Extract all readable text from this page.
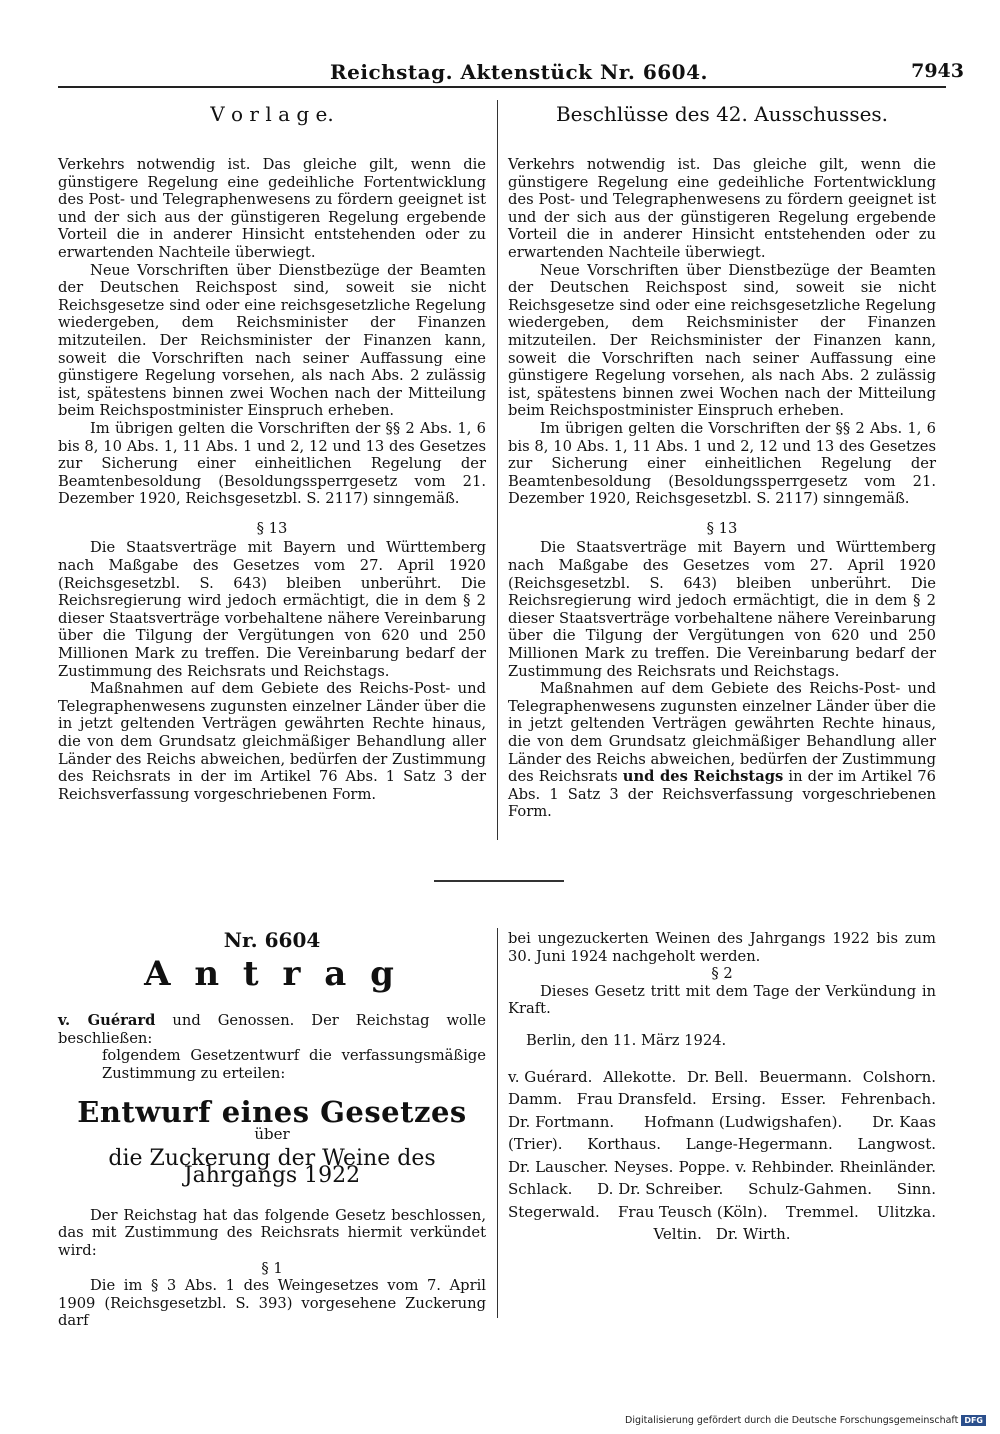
Reichstag. Aktenstück Nr. 6604.	7943
V o r l a g e.	Beschlüsse des 42. Ausschusses.

Verkehrs notwendig ist. Das gleiche gilt, wenn die günstigere Regelung eine gedeihliche Fortentwicklung des Post- und Telegraphenwesens zu fördern geeignet ist und der sich aus der günstigeren Regelung ergebende Vorteil die in anderer Hinsicht entstehenden oder zu erwartenden Nachteile überwiegt.

Neue Vorschriften über Dienstbezüge der Beamten der Deutschen Reichspost sind, soweit sie nicht Reichsgesetze sind oder eine reichsgesetzliche Regelung wiedergeben, dem Reichsminister der Finanzen mitzuteilen. Der Reichsminister der Finanzen kann, soweit die Vorschriften nach seiner Auffassung eine günstigere Regelung vorsehen, als nach Abs. 2 zulässig ist, spätestens binnen zwei Wochen nach der Mitteilung beim Reichspostminister Einspruch erheben.

Im übrigen gelten die Vorschriften der §§ 2 Abs. 1, 6 bis 8, 10 Abs. 1, 11 Abs. 1 und 2, 12 und 13 des Gesetzes zur Sicherung einer einheitlichen Regelung der Beamtenbesoldung (Besoldungssperrgesetz vom 21. Dezember 1920, Reichsgesetzbl. S. 2117) sinngemäß.

§ 13

Die Staatsverträge mit Bayern und Württemberg nach Maßgabe des Gesetzes vom 27. April 1920 (Reichsgesetzbl. S. 643) bleiben unberührt. Die Reichsregierung wird jedoch ermächtigt, die in dem § 2 dieser Staatsverträge vorbehaltene nähere Vereinbarung über die Tilgung der Vergütungen von 620 und 250 Millionen Mark zu treffen. Die Vereinbarung bedarf der Zustimmung des Reichsrats und Reichstags.

Maßnahmen auf dem Gebiete des Reichs-Post- und Telegraphenwesens zugunsten einzelner Länder über die in jetzt geltenden Verträgen gewährten Rechte hinaus, die von dem Grundsatz gleichmäßiger Behandlung aller Länder des Reichs abweichen, bedürfen der Zustimmung des Reichsrats in der im Artikel 76 Abs. 1 Satz 3 der Reichsverfassung vorgeschriebenen Form.

Verkehrs notwendig ist. Das gleiche gilt, wenn die günstigere Regelung eine gedeihliche Fortentwicklung des Post- und Telegraphenwesens zu fördern geeignet ist und der sich aus der günstigeren Regelung ergebende Vorteil die in anderer Hinsicht entstehenden oder zu erwartenden Nachteile überwiegt.

Neue Vorschriften über Dienstbezüge der Beamten der Deutschen Reichspost sind, soweit sie nicht Reichsgesetze sind oder eine reichsgesetzliche Regelung wiedergeben, dem Reichsminister der Finanzen mitzuteilen. Der Reichsminister der Finanzen kann, soweit die Vorschriften nach seiner Auffassung eine günstigere Regelung vorsehen, als nach Abs. 2 zulässig ist, spätestens binnen zwei Wochen nach der Mitteilung beim Reichspostminister Einspruch erheben.

Im übrigen gelten die Vorschriften der §§ 2 Abs. 1, 6 bis 8, 10 Abs. 1, 11 Abs. 1 und 2, 12 und 13 des Gesetzes zur Sicherung einer einheitlichen Regelung der Beamtenbesoldung (Besoldungssperrgesetz vom 21. Dezember 1920, Reichsgesetzbl. S. 2117) sinngemäß.

§ 13

Die Staatsverträge mit Bayern und Württemberg nach Maßgabe des Gesetzes vom 27. April 1920 (Reichsgesetzbl. S. 643) bleiben unberührt. Die Reichsregierung wird jedoch ermächtigt, die in dem § 2 dieser Staatsverträge vorbehaltene nähere Vereinbarung über die Tilgung der Vergütungen von 620 und 250 Millionen Mark zu treffen. Die Vereinbarung bedarf der Zustimmung des Reichsrats und Reichstags.

Maßnahmen auf dem Gebiete des Reichs-Post- und Telegraphenwesens zugunsten einzelner Länder über die in jetzt geltenden Verträgen gewährten Rechte hinaus, die von dem Grundsatz gleichmäßiger Behandlung aller Länder des Reichs abweichen, bedürfen der Zustimmung des Reichsrats und des Reichstags in der im Artikel 76 Abs. 1 Satz 3 der Reichsverfassung vorgeschriebenen Form.

Nr. 6604
A n t r a g

v. Guérard und Genossen. Der Reichstag wolle beschließen:

folgendem Gesetzentwurf die verfassungsmäßige Zustimmung zu erteilen:

Entwurf eines Gesetzes
über
die Zuckerung der Weine des Jahrgangs 1922

Der Reichstag hat das folgende Gesetz beschlossen, das mit Zustimmung des Reichsrats hiermit verkündet wird:

§ 1

Die im § 3 Abs. 1 des Weingesetzes vom 7. April 1909 (Reichsgesetzbl. S. 393) vorgesehene Zuckerung darf

bei ungezuckerten Weinen des Jahrgangs 1922 bis zum 30. Juni 1924 nachgeholt werden.

§ 2

Dieses Gesetz tritt mit dem Tage der Verkündung in Kraft.

Berlin, den 11. März 1924.

v. Guérard. Allekotte. Dr. Bell. Beuermann. Colshorn.
Damm. Frau Dransfeld. Ersing. Esser. Fehrenbach.
Dr. Fortmann. Hofmann (Ludwigshafen). Dr. Kaas
(Trier). Korthaus. Lange-Hegermann. Langwost.
Dr. Lauscher. Neyses. Poppe. v. Rehbinder. Rheinländer.
Schlack. D. Dr. Schreiber. Schulz-Gahmen. Sinn.
Stegerwald. Frau Teusch (Köln). Tremmel. Ulitzka.
Veltin. Dr. Wirth.
Digitalisierung gefördert durch die Deutsche Forschungsgemeinschaft DFG
